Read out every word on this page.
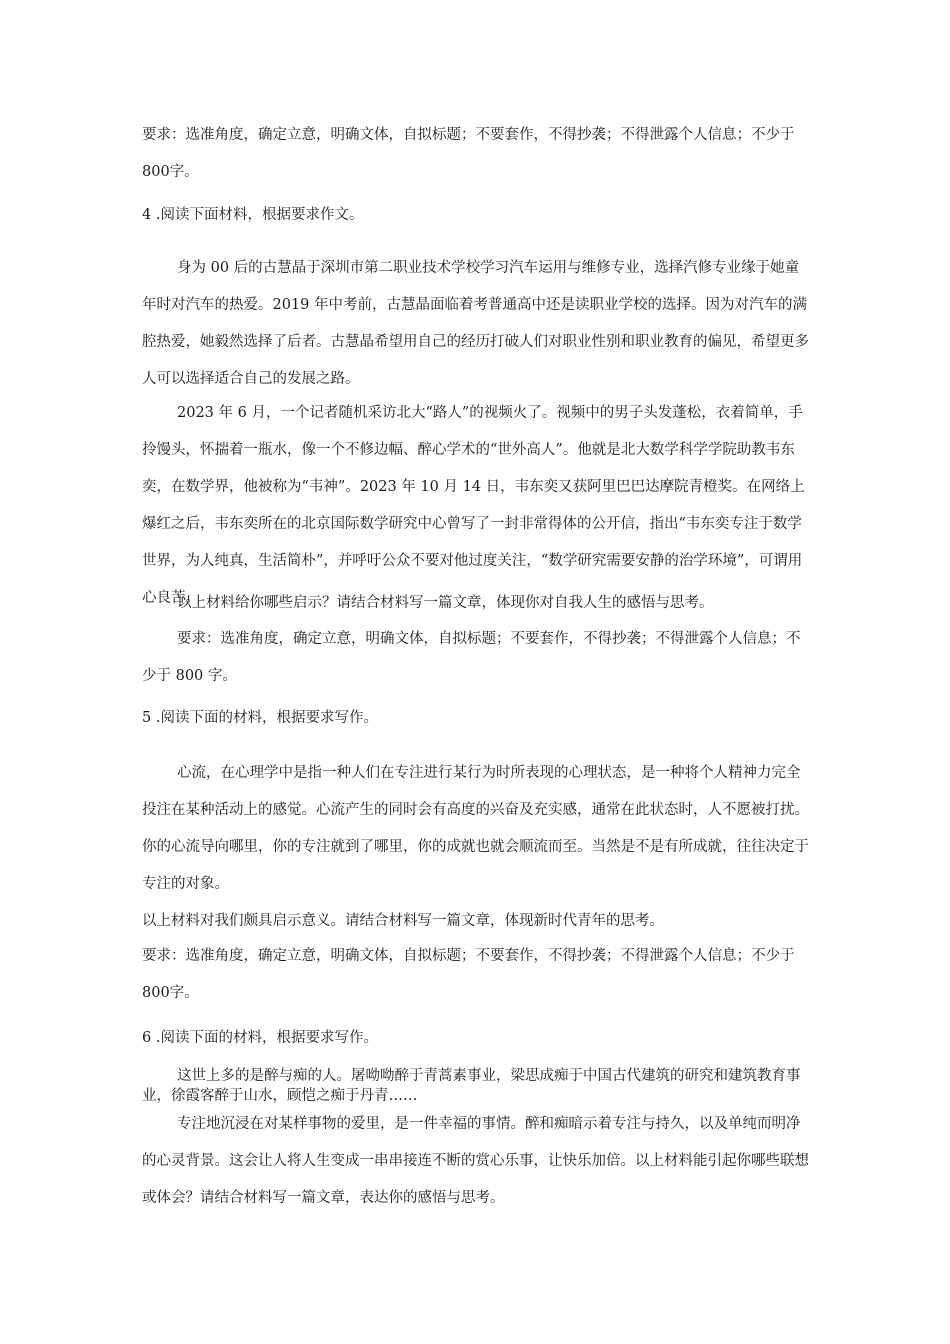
要求：选准角度，确定立意，明确文体，自拟标题；不要套作，不得抄袭；不得泄露个人信息；不少于800字。

4 .阅读下面材料，根据要求作文。

身为 00 后的古慧晶于深圳市第二职业技术学校学习汽车运用与维修专业，选择汽修专业缘于她童年时对汽车的热爱。2019 年中考前，古慧晶面临着考普通高中还是读职业学校的选择。因为对汽车的满腔热爱，她毅然选择了后者。古慧晶希望用自己的经历打破人们对职业性别和职业教育的偏见，希望更多人可以选择适合自己的发展之路。

2023 年 6 月，一个记者随机采访北大“路人”的视频火了。视频中的男子头发蓬松，衣着简单，手拎馒头，怀揣着一瓶水，像一个不修边幅、醉心学术的“世外高人”。他就是北大数学科学学院助教韦东奕，在数学界，他被称为“韦神”。2023 年 10 月 14 日，韦东奕又获阿里巴巴达摩院青橙奖。在网络上爆红之后，韦东奕所在的北京国际数学研究中心曾写了一封非常得体的公开信，指出“韦东奕专注于数学世界，为人纯真，生活简朴”，并呼吁公众不要对他过度关注，“数学研究需要安静的治学环境”，可谓用心良苦。

以上材料给你哪些启示？请结合材料写一篇文章，体现你对自我人生的感悟与思考。

要求：选准角度，确定立意，明确文体，自拟标题；不要套作，不得抄袭；不得泄露个人信息；不少于 800 字。

5 .阅读下面的材料，根据要求写作。

心流，在心理学中是指一种人们在专注进行某行为时所表现的心理状态，是一种将个人精神力完全投注在某种活动上的感觉。心流产生的同时会有高度的兴奋及充实感，通常在此状态时，人不愿被打扰。你的心流导向哪里，你的专注就到了哪里，你的成就也就会顺流而至。当然是不是有所成就，往往决定于专注的对象。

以上材料对我们颇具启示意义。请结合材料写一篇文章，体现新时代青年的思考。

要求：选准角度，确定立意，明确文体，自拟标题；不要套作，不得抄袭；不得泄露个人信息；不少于800字。

6 .阅读下面的材料，根据要求写作。

这世上多的是醉与痴的人。屠呦呦醉于青蒿素事业，梁思成痴于中国古代建筑的研究和建筑教育事业，徐霞客醉于山水，顾恺之痴于丹青……

专注地沉浸在对某样事物的爱里，是一件幸福的事情。醉和痴暗示着专注与持久，以及单纯而明净的心灵背景。这会让人将人生变成一串串接连不断的赏心乐事，让快乐加倍。以上材料能引起你哪些联想或体会？请结合材料写一篇文章，表达你的感悟与思考。
